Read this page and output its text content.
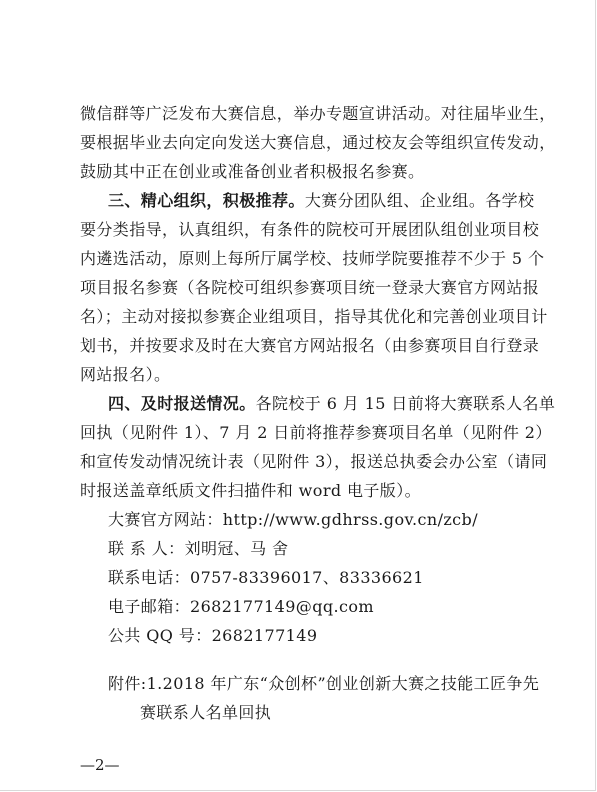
微信群等广泛发布大赛信息，举办专题宣讲活动。对往届毕业生，
要根据毕业去向定向发送大赛信息，通过校友会等组织宣传发动，
鼓励其中正在创业或准备创业者积极报名参赛。
三、精心组织，积极推荐。大赛分团队组、企业组。各学校
要分类指导，认真组织，有条件的院校可开展团队组创业项目校
内遴选活动，原则上每所厅属学校、技师学院要推荐不少于 5 个
项目报名参赛（各院校可组织参赛项目统一登录大赛官方网站报
名）；主动对接拟参赛企业组项目，指导其优化和完善创业项目计
划书，并按要求及时在大赛官方网站报名（由参赛项目自行登录
网站报名）。
四、及时报送情况。各院校于 6 月 15 日前将大赛联系人名单
回执（见附件 1）、7 月 2 日前将推荐参赛项目名单（见附件 2）
和宣传发动情况统计表（见附件 3），报送总执委会办公室（请同
时报送盖章纸质文件扫描件和 word 电子版）。
大赛官方网站：http://www.gdhrss.gov.cn/zcb/
联 系 人：刘明冠、马 舍
联系电话：0757-83396017、83336621
电子邮箱：2682177149@qq.com
公共 QQ 号：2682177149
附件:1.2018 年广东“众创杯”创业创新大赛之技能工匠争先
赛联系人名单回执
—2—
